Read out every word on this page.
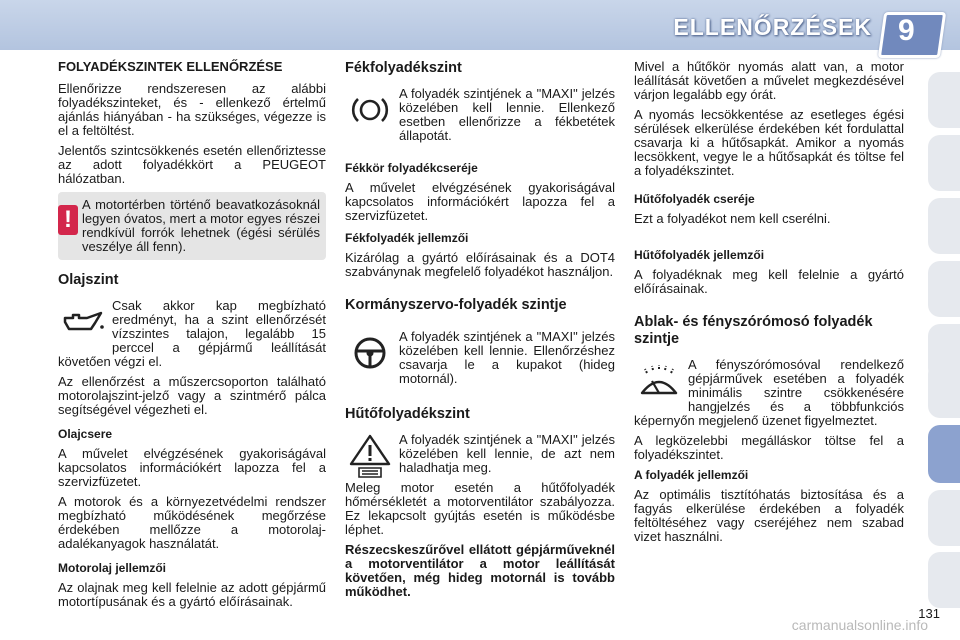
ELLENŐRZÉSEK 9
FOLYADÉKSZINTEK ELLENŐRZÉSE

Ellenőrizze rendszeresen az alábbi folyadékszinteket, és - ellenkező értelmű ajánlás hiányában - ha szükséges, végezze is el a feltöltést.

Jelentős szintcsökkenés esetén ellenőriztesse az adott folyadékkört a PEUGEOT hálózatban.

!

A motortérben történő beavatkozásoknál legyen óvatos, mert a motor egyes részei rendkívül forrók lehetnek (égési sérülés veszélye áll fenn).

Olajszint

Csak akkor kap megbízható eredményt, ha a szint ellenőrzését vízszintes talajon, legalább 15 perccel a gépjármű leállítását követően végzi el.

Az ellenőrzést a műszercsoporton található motorolajszint-jelző vagy a szintmérő pálca segítségével végezheti el.

Olajcsere

A művelet elvégzésének gyakoriságával kapcsolatos információkért lapozza fel a szervizfüzetet.

A motorok és a környezetvédelmi rendszer megbízható működésének megőrzése érdekében mellőzze a motorolaj-adalékanyagok használatát.

Motorolaj jellemzői

Az olajnak meg kell felelnie az adott gépjármű motortípusának és a gyártó előírásainak.

Fékfolyadékszint

A folyadék szintjének a "MAXI" jelzés közelében kell lennie. Ellenkező esetben ellenőrizze a fékbetétek állapotát.

Fékkör folyadékcseréje

A művelet elvégzésének gyakoriságával kapcsolatos információkért lapozza fel a szervizfüzetet.

Fékfolyadék jellemzői

Kizárólag a gyártó előírásainak és a DOT4 szabványnak megfelelő folyadékot használjon.

Kormányszervo-folyadék szintje

A folyadék szintjének a "MAXI" jelzés közelében kell lennie. Ellenőrzéshez csavarja le a kupakot (hideg motornál).

Hűtőfolyadékszint

A folyadék szintjének a "MAXI" jelzés közelében kell lennie, de azt nem haladhatja meg.

Meleg motor esetén a hűtőfolyadék hőmérsékletét a motorventilátor szabályozza. Ez lekapcsolt gyújtás esetén is működésbe léphet.

Részecskeszűrővel ellátott gépjárműveknél a motorventilátor a motor leállítását követően, még hideg motornál is tovább működhet.

Mivel a hűtőkör nyomás alatt van, a motor leállítását követően a művelet megkezdésével várjon legalább egy órát.

A nyomás lecsökkentése az esetleges égési sérülések elkerülése érdekében két fordulattal csavarja ki a hűtősapkát. Amikor a nyomás lecsökkent, vegye le a hűtősapkát és töltse fel a folyadékszintet.

Hűtőfolyadék cseréje

Ezt a folyadékot nem kell cserélni.

Hűtőfolyadék jellemzői

A folyadéknak meg kell felelnie a gyártó előírásainak.

Ablak- és fényszórómosó folyadék szintje

A fényszórómosóval rendelkező gépjárművek esetében a folyadék minimális szintre csökkenésére hangjelzés és a többfunkciós képernyőn megjelenő üzenet figyelmeztet.

A legközelebbi megálláskor töltse fel a folyadékszintet.

A folyadék jellemzői

Az optimális tisztítóhatás biztosítása és a fagyás elkerülése érdekében a folyadék feltöltéséhez vagy cseréjéhez nem szabad vizet használni.

131
carmanualsonline.info
